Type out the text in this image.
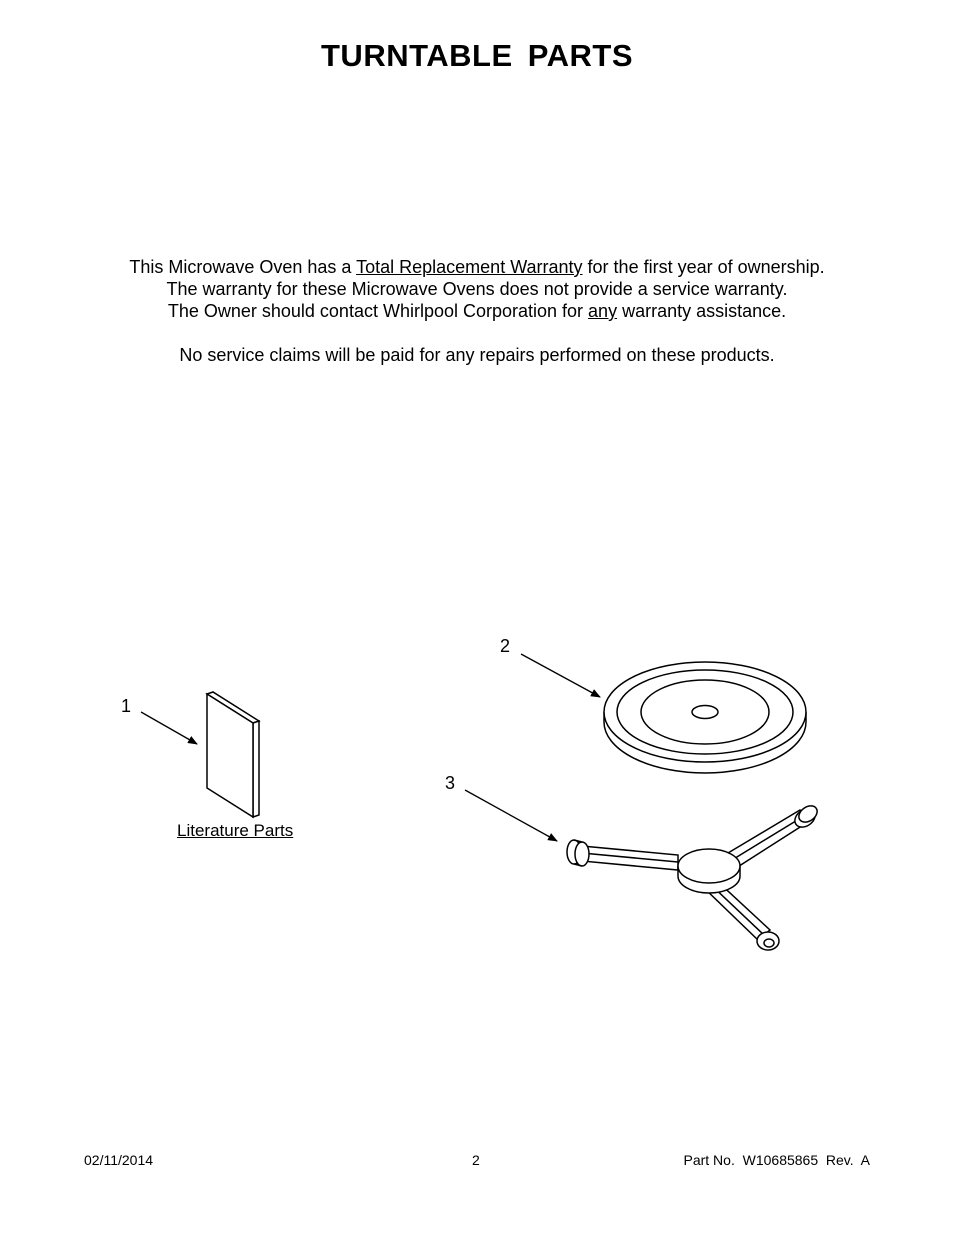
TURNTABLE PARTS

This Microwave Oven has a Total Replacement Warranty for the first year of ownership.

The warranty for these Microwave Ovens does not provide a service warranty.

The Owner should contact Whirlpool Corporation for any warranty assistance.

No service claims will be paid for any repairs performed on these products.

1
2
3
Literature Parts
02/11/2014	2	Part No.  W10685865  Rev.  A
